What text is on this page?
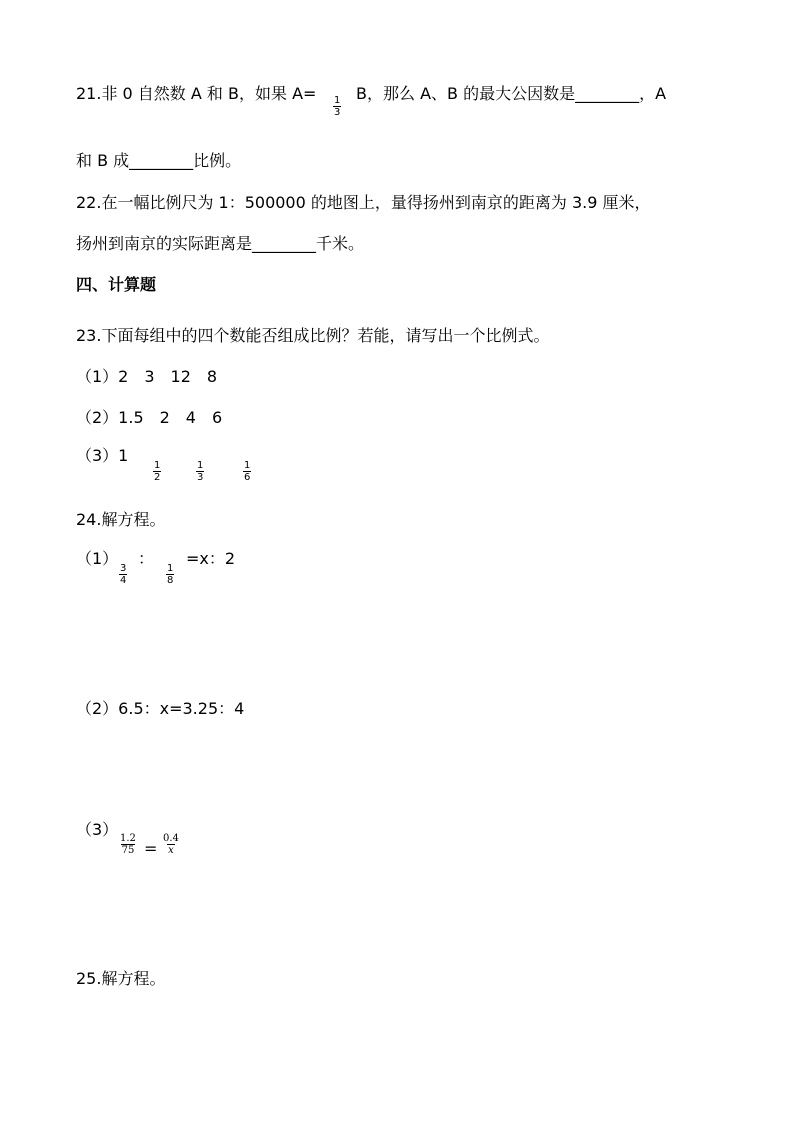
21.非 0 自然数 A 和 B，如果 A=
$\frac{1}{3}$
B，那么 A、B 的最大公因数是________，A
和 B 成________比例。
22.在一幅比例尺为 1：500000 的地图上，量得扬州到南京的距离为 3.9 厘米，
扬州到南京的实际距离是________千米。
四、计算题
23.下面每组中的四个数能否组成比例？若能，请写出一个比例式。
（1）2　3　12　8
（2）1.5　2　4　6
（3）1
$\frac{1}{2}$	$\frac{1}{3}$	$\frac{1}{6}$
24.解方程。
（1）
$\frac{3}{4}$
：
$\frac{1}{8}$
=x：2
（2）6.5：x=3.25：4
（3）
$\frac{1.2}{75} = \frac{0.4}{x}$
25.解方程。
